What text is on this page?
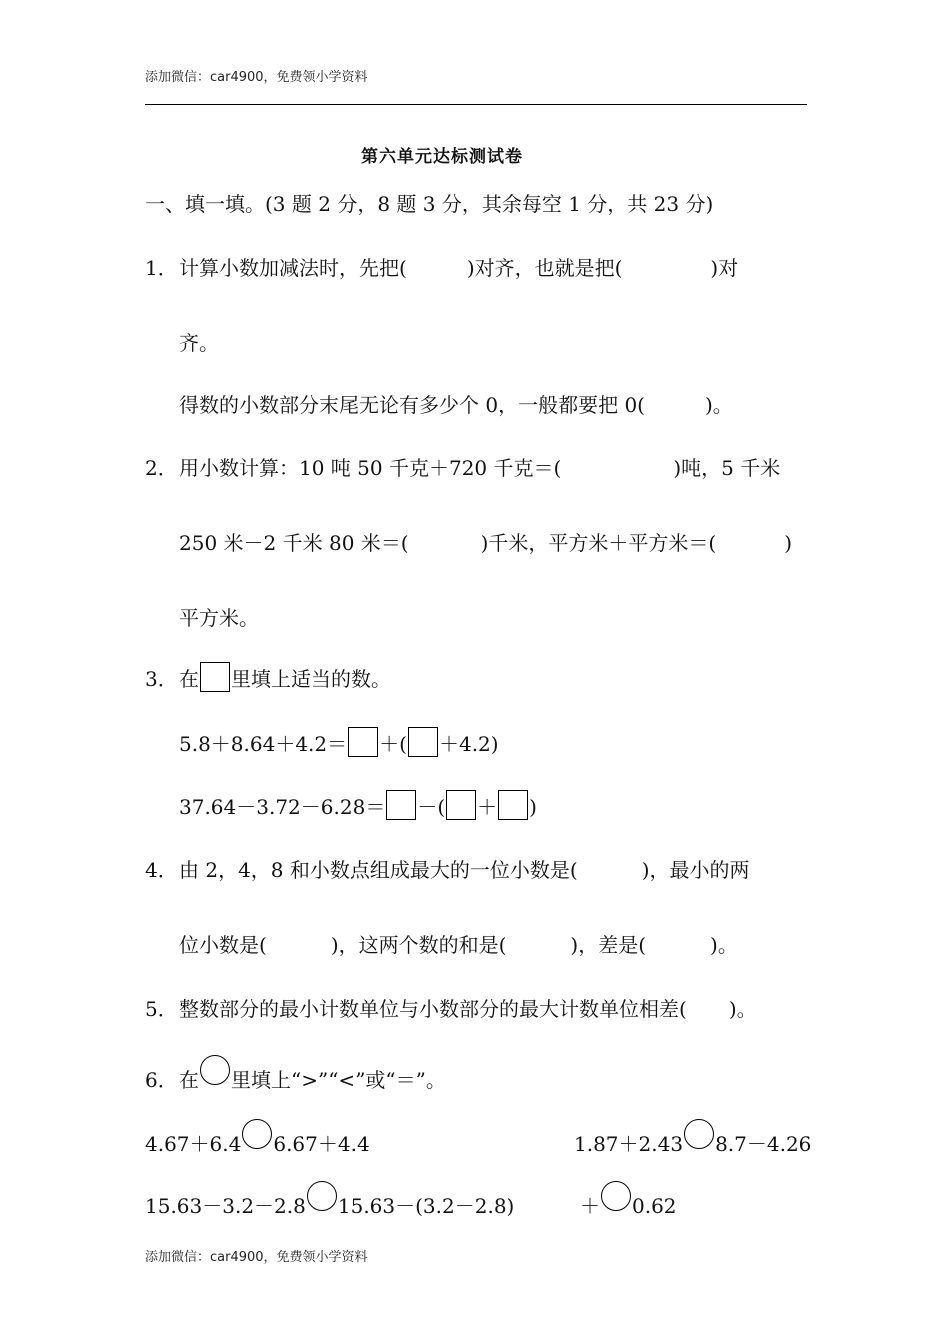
添加微信：car4900，免费领小学资料
第六单元达标测试卷
一、填一填。(3 题 2 分，8 题 3 分，其余每空 1 分，共 23 分)
1．计算小数加减法时，先把(	)对齐，也就是把(	)对
齐。
得数的小数部分末尾无论有多少个 0，一般都要把 0(	)。
2．用小数计算：10 吨 50 千克＋720 千克＝(	)吨，5 千米
250 米－2 千米 80 米＝(	)千米，平方米＋平方米＝(	)
平方米。
3．在 里填上适当的数。
5.8＋8.64＋4.2＝ ＋( ＋4.2)
37.64－3.72－6.28＝ －( ＋ )
4．由 2，4，8 和小数点组成最大的一位小数是(	)，最小的两
位小数是(	)，这两个数的和是(	)，差是(	)。
5．整数部分的最小计数单位与小数部分的最大计数单位相差( )。
6．在 里填上“>”“<”或“＝”。
4.67＋6.4 6.67＋4.4	1.87＋2.43 8.7－4.26
15.63－3.2－2.8 15.63－(3.2－2.8)	＋ 0.62
添加微信：car4900，免费领小学资料
